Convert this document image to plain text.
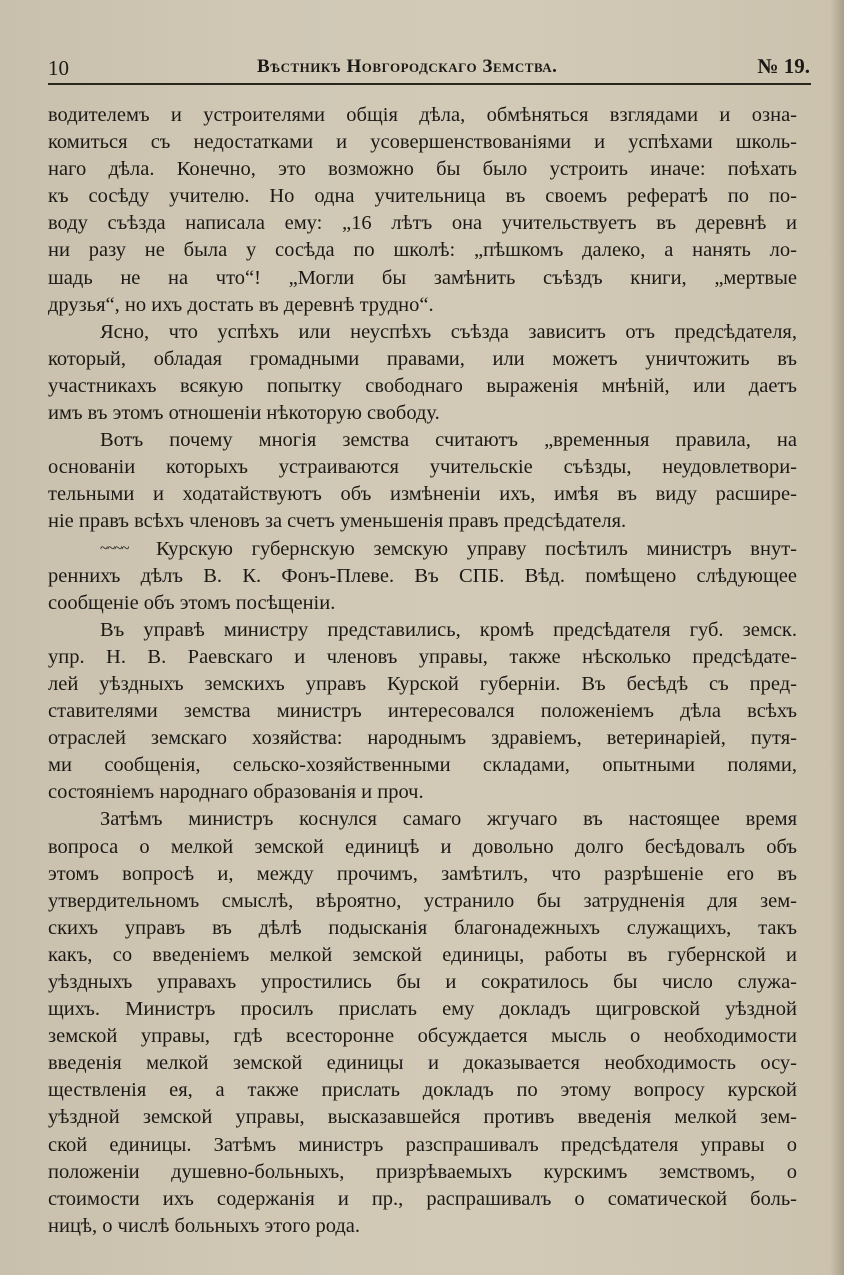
10	Вѣстникъ Новгородскаго Земства.	№ 19.
водителемъ и устроителями общія дѣла, обмѣняться взглядами и озна-
комиться съ недостатками и усовершенствованіями и успѣхами школь-
наго дѣла. Конечно, это возможно бы было устроить иначе: поѣхать
къ сосѣду учителю. Но одна учительница въ своемъ рефератѣ по по-
воду съѣзда написала ему: „16 лѣтъ она учительствуетъ въ деревнѣ и
ни разу не была у сосѣда по школѣ: „пѣшкомъ далеко, а нанять ло-
шадь не на что“! „Могли бы замѣнить съѣздъ книги, „мертвые
друзья“, но ихъ достать въ деревнѣ трудно“.
Ясно, что успѣхъ или неуспѣхъ съѣзда зависитъ отъ предсѣдателя,
который, обладая громадными правами, или можетъ уничтожить въ
участникахъ всякую попытку свободнаго выраженія мнѣній, или даетъ
имъ въ этомъ отношеніи нѣкоторую свободу.
Вотъ почему многія земства считаютъ „временныя правила, на
основаніи которыхъ устраиваются учительскіе съѣзды, неудовлетвори-
тельными и ходатайствуютъ объ измѣненіи ихъ, имѣя въ виду расшире-
ніе правъ всѣхъ членовъ за счетъ уменьшенія правъ предсѣдателя.
~~~~ Курскую губернскую земскую управу посѣтилъ министръ внут-
реннихъ дѣлъ В. К. Фонъ-Плеве. Въ СПБ. Вѣд. помѣщено слѣдующее
сообщеніе объ этомъ посѣщеніи.
Въ управѣ министру представились, кромѣ предсѣдателя губ. земск.
упр. Н. В. Раевскаго и членовъ управы, также нѣсколько предсѣдате-
лей уѣздныхъ земскихъ управъ Курской губерніи. Въ бесѣдѣ съ пред-
ставителями земства министръ интересовался положеніемъ дѣла всѣхъ
отраслей земскаго хозяйства: народнымъ здравіемъ, ветеринаріей, путя-
ми сообщенія, сельско-хозяйственными складами, опытными полями,
состояніемъ народнаго образованія и проч.
Затѣмъ министръ коснулся самаго жгучаго въ настоящее время
вопроса о мелкой земской единицѣ и довольно долго бесѣдовалъ объ
этомъ вопросѣ и, между прочимъ, замѣтилъ, что разрѣшеніе его въ
утвердительномъ смыслѣ, вѣроятно, устранило бы затрудненія для зем-
скихъ управъ въ дѣлѣ подысканія благонадежныхъ служащихъ, такъ
какъ, со введеніемъ мелкой земской единицы, работы въ губернской и
уѣздныхъ управахъ упростились бы и сократилось бы число служа-
щихъ. Министръ просилъ прислать ему докладъ щигровской уѣздной
земской управы, гдѣ всесторонне обсуждается мысль о необходимости
введенія мелкой земской единицы и доказывается необходимость осу-
ществленія ея, а также прислать докладъ по этому вопросу курской
уѣздной земской управы, высказавшейся противъ введенія мелкой зем-
ской единицы. Затѣмъ министръ разспрашивалъ предсѣдателя управы о
положеніи душевно-больныхъ, призрѣваемыхъ курскимъ земствомъ, о
стоимости ихъ содержанія и пр., распрашивалъ о соматической боль-
ницѣ, о числѣ больныхъ этого рода.
